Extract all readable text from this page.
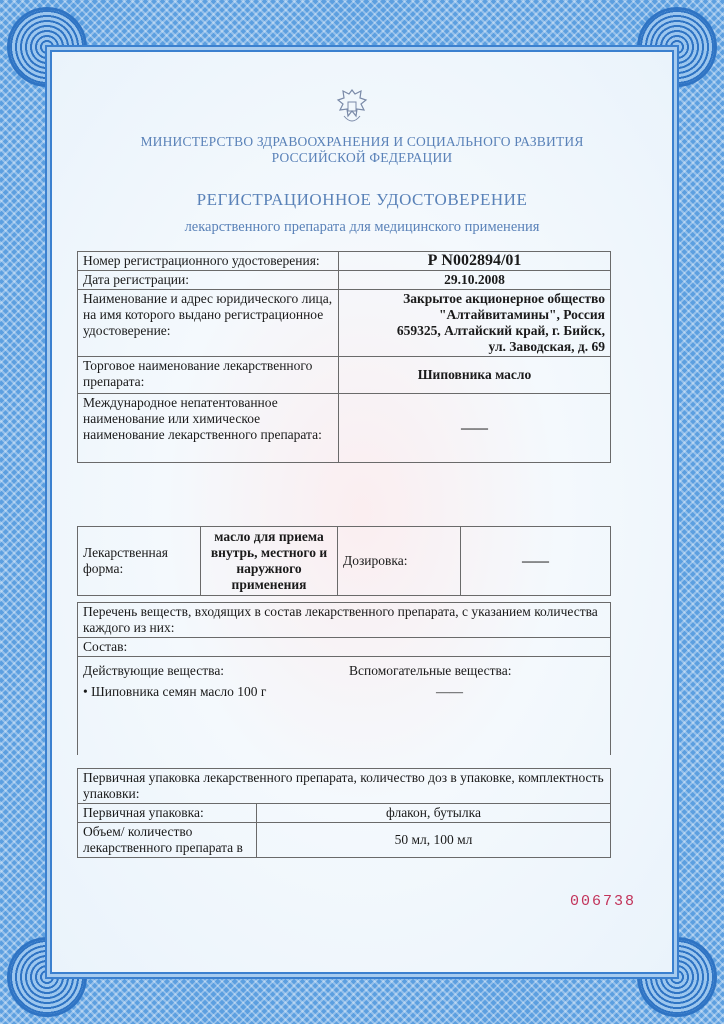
МИНИСТЕРСТВО ЗДРАВООХРАНЕНИЯ И СОЦИАЛЬНОГО РАЗВИТИЯ
РОССИЙСКОЙ ФЕДЕРАЦИИ
РЕГИСТРАЦИОННОЕ УДОСТОВЕРЕНИЕ
лекарственного препарата для медицинского применения
Номер регистрационного удостоверения:	Р N002894/01
Дата регистрации:	29.10.2008
Наименование и адрес юридического лица, на имя которого выдано регистрационное удостоверение:	Закрытое акционерное общество
"Алтайвитамины", Россия
659325, Алтайский край, г. Бийск,
ул. Заводская, д. 69

Торговое наименование лекарственного препарата:	Шиповника масло
Международное непатентованное наименование или химическое наименование лекарственного препарата:	——
Лекарственная форма:	масло для приема внутрь, местного и наружного применения	Дозировка:	——
Перечень веществ, входящих в состав лекарственного препарата, с указанием количества каждого из них:	
Состав:	
Действующие вещества:	Вспомогательные вещества:
• Шиповника семян масло 100 г	——
Первичная упаковка лекарственного препарата, количество доз в упаковке, комплектность упаковки:	
Первичная упаковка:	флакон, бутылка
Объем/ количество лекарственного препарата в	50 мл, 100 мл
006738
